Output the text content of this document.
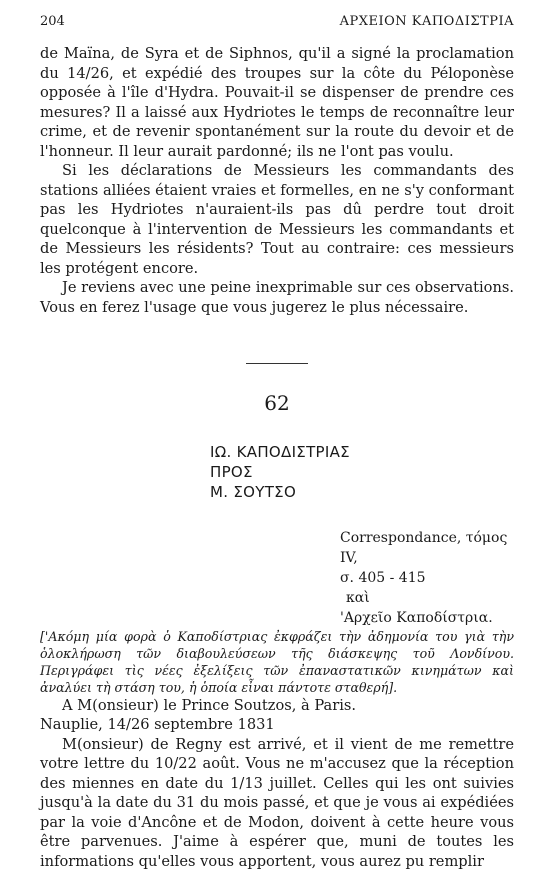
204	ΑΡΧΕΙΟΝ ΚΑΠΟΔΙΣΤΡΙΑ

de Maïna, de Syra et de Siphnos, qu'il a signé la proclamation du 14/26, et expédié des troupes sur la côte du Péloponèse opposée à l'île d'Hydra. Pouvait-il se dispenser de prendre ces mesures? Il a laissé aux Hydriotes le temps de reconnaître leur crime, et de revenir spontanément sur la route du devoir et de l'honneur. Il leur aurait pardonné; ils ne l'ont pas voulu.

Si les déclarations de Messieurs les commandants des stations alliées étaient vraies et formelles, en ne s'y conformant pas les Hydriotes n'auraient-ils pas dû perdre tout droit quelconque à l'intervention de Messieurs les commandants et de Messieurs les résidents? Tout au contraire: ces messieurs les protégent encore.

Je reviens avec une peine inexprimable sur ces observations. Vous en ferez l'usage que vous jugerez le plus nécessaire.

62
ΙΩ. ΚΑΠΟΔΙΣΤΡΙΑΣ
ΠΡΟΣ
Μ. ΣΟΥΤΣΟ
Correspondance, τόμος IV,
σ. 405 - 415
καὶ
'Αρχεῖο Καποδίστρια.

['Ακόμη μία φορὰ ὁ Καποδίστριας ἐκφράζει τὴν ἀδημονία του γιὰ τὴν ὁλοκλήρωση τῶν διαβουλεύσεων τῆς διάσκεψης τοῦ Λονδίνου. Περιγράφει τὶς νέες ἐξελίξεις τῶν ἐπαναστατικῶν κινημάτων καὶ ἀναλύει τὴ στάση του, ἡ ὁποία εἶναι πάντοτε σταθερή].

A M(onsieur) le Prince Soutzos, à Paris.

Nauplie, 14/26 septembre 1831

M(onsieur) de Regny est arrivé, et il vient de me remettre votre lettre du 10/22 août. Vous ne m'accusez que la réception des miennes en date du 1/13 juillet. Celles qui les ont suivies jusqu'à la date du 31 du mois passé, et que je vous ai expédiées par la voie d'Ancône et de Modon, doivent à cette heure vous être parvenues. J'aime à espérer que, muni de toutes les informations qu'elles vous apportent, vous aurez pu remplir
